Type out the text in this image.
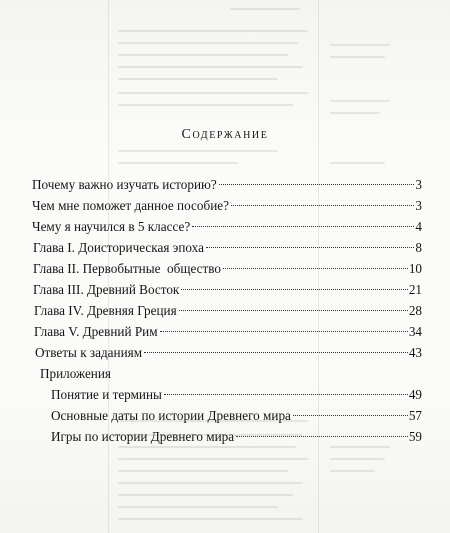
Содержание
Почему важно изучать историю?	3
Чем мне поможет данное пособие?	3
Чему я научился в 5 классе?	4
Глава I. Доисторическая эпоха	8
Глава II. Первобытные  общество	10
Глава III. Древний Восток	21
Глава IV. Древняя Греция	28
Глава V. Древний Рим	34
Ответы к заданиям	43
Приложения
Понятие и термины	49
Основные даты по истории Древнего мира	57
Игры по истории Древнего мира	59
